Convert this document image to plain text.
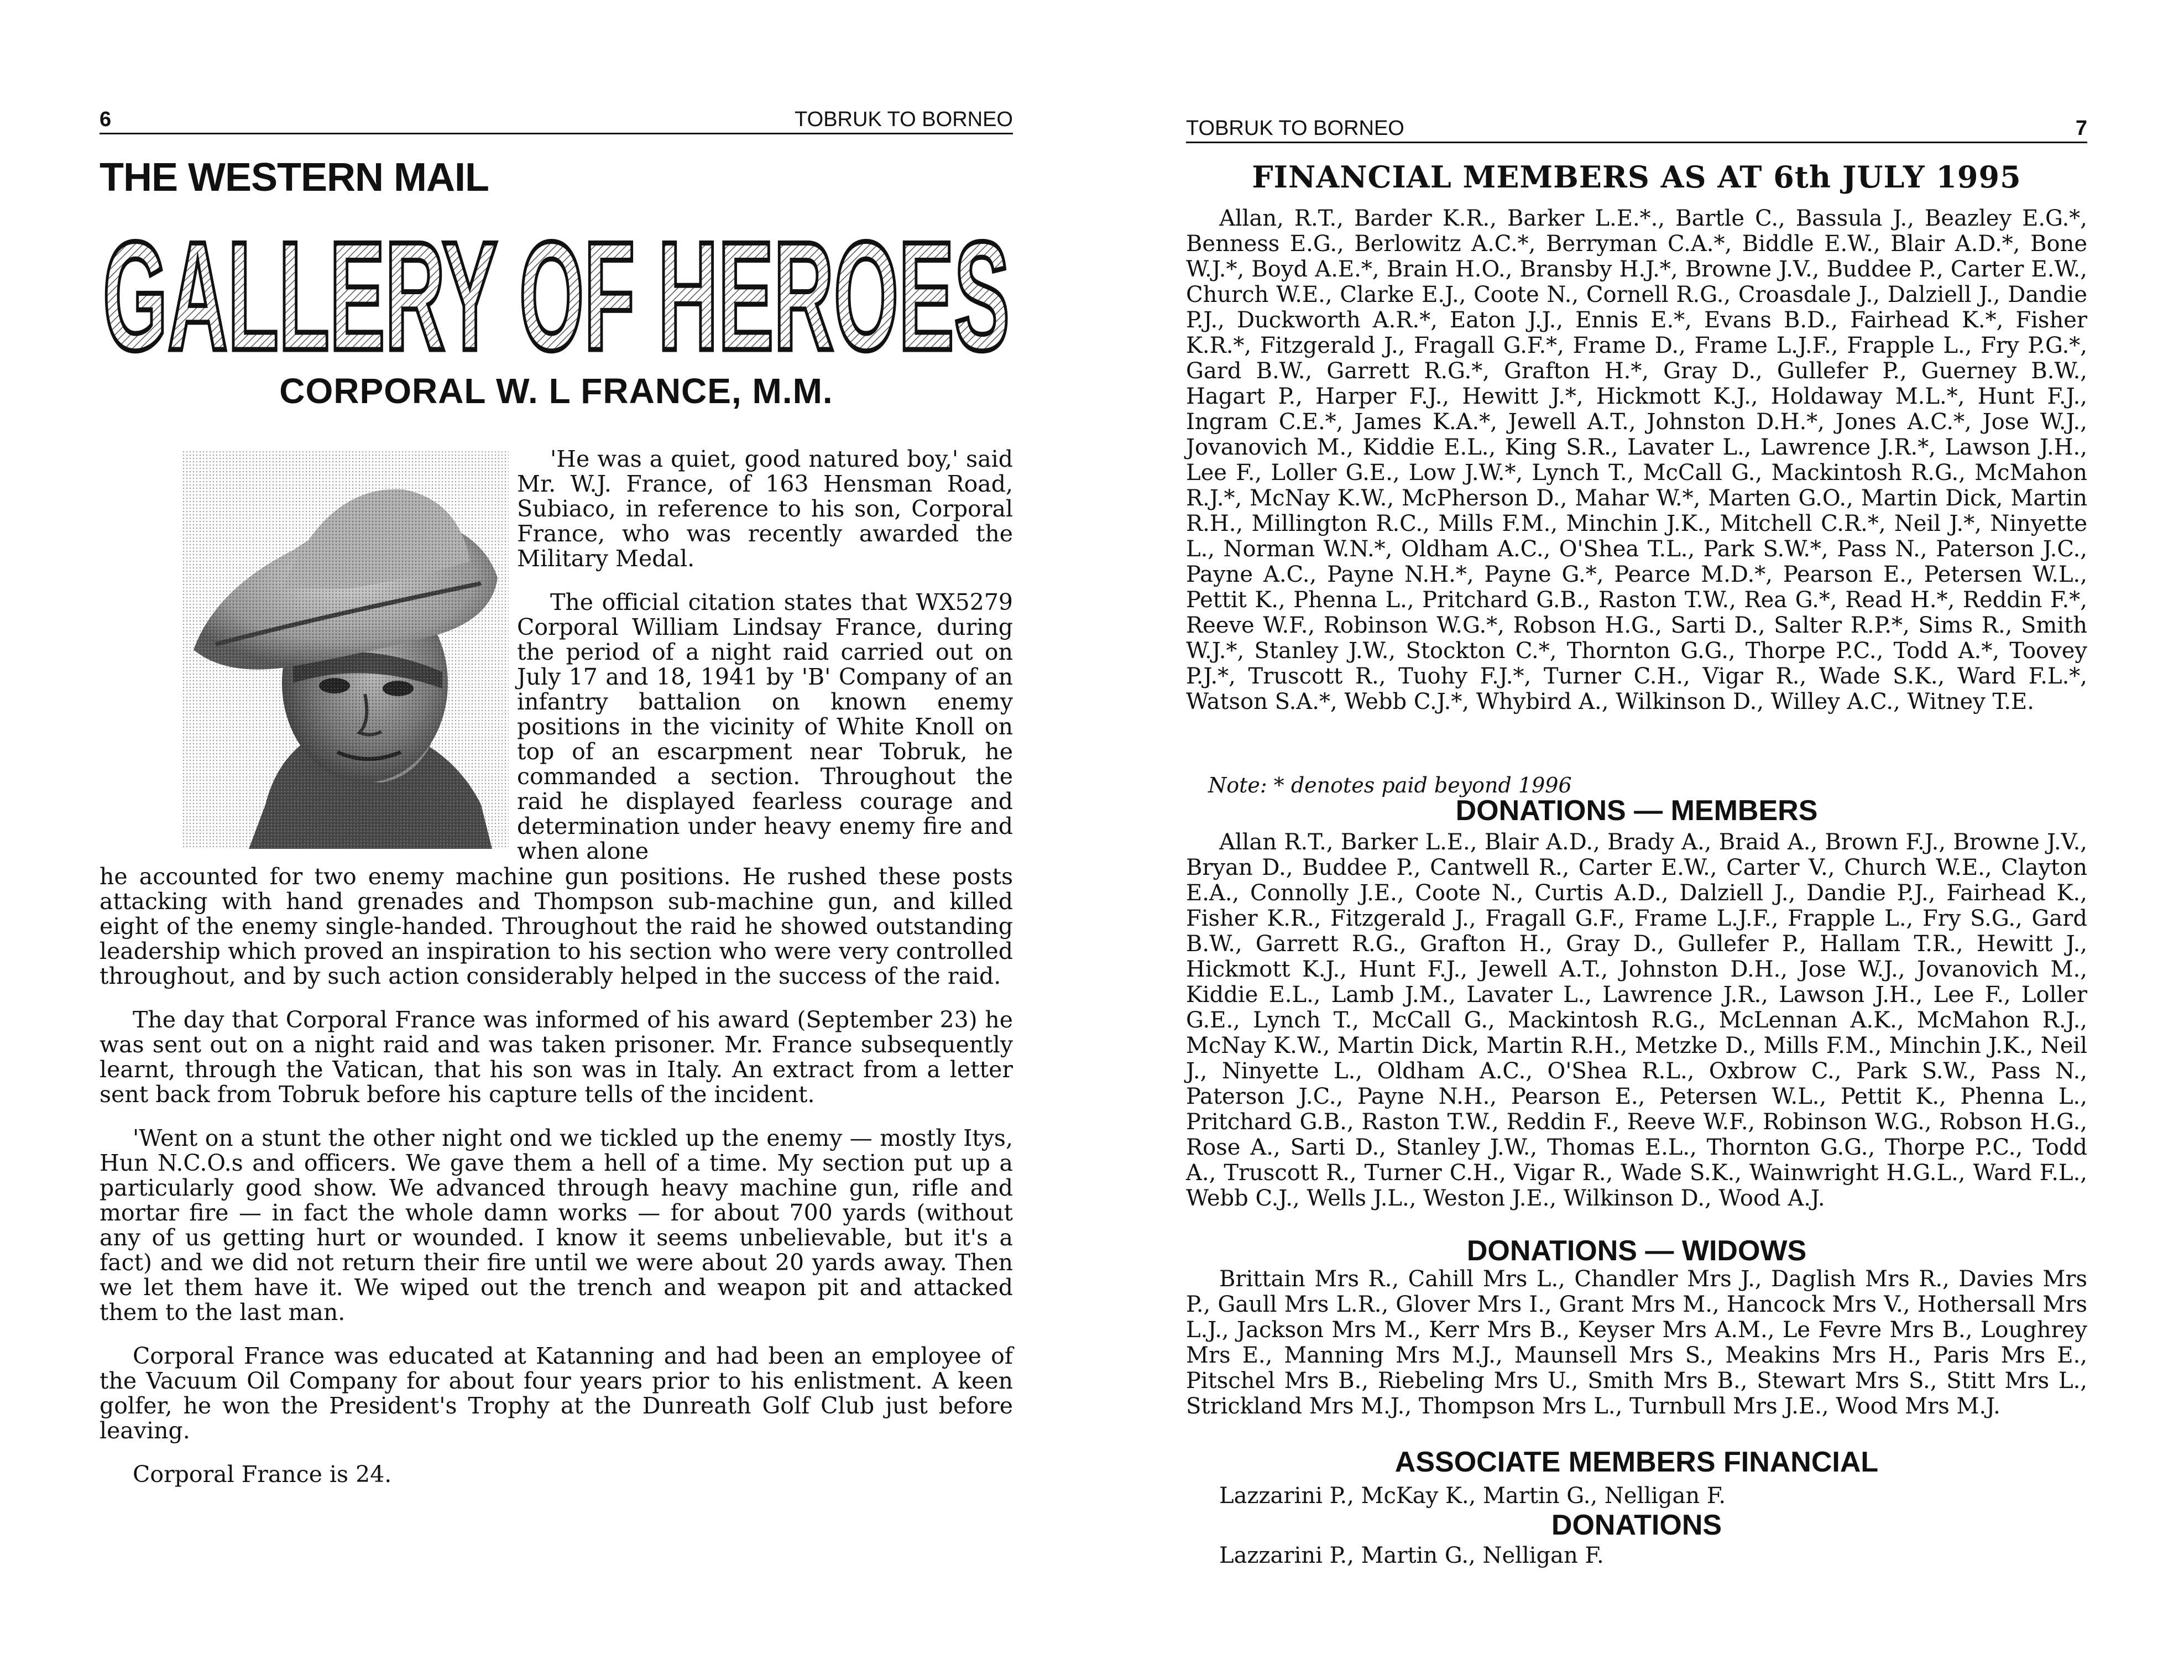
6	TOBRUK TO BORNEO
THE WESTERN MAIL
GALLERY OF HEROES
CORPORAL W. L FRANCE, M.M.

'He was a quiet, good natured boy,' said Mr. W.J. France, of 163 Hensman Road, Subiaco, in reference to his son, Corporal France, who was recently awarded the Military Medal.

The official citation states that WX5279 Corporal William Lindsay France, during the period of a night raid carried out on July 17 and 18, 1941 by 'B' Company of an infantry battalion on known enemy positions in the vicinity of White Knoll on top of an escarpment near Tobruk, he commanded a section. Throughout the raid he displayed fearless courage and determination under heavy enemy fire and when alone

he accounted for two enemy machine gun positions. He rushed these posts attacking with hand grenades and Thompson sub-machine gun, and killed eight of the enemy single-handed. Throughout the raid he showed outstanding leadership which proved an inspiration to his section who were very controlled throughout, and by such action considerably helped in the success of the raid.

The day that Corporal France was informed of his award (September 23) he was sent out on a night raid and was taken prisoner. Mr. France subsequently learnt, through the Vatican, that his son was in Italy. An extract from a letter sent back from Tobruk before his capture tells of the incident.

'Went on a stunt the other night ond we tickled up the enemy — mostly Itys, Hun N.C.O.s and officers. We gave them a hell of a time. My section put up a particularly good show. We advanced through heavy machine gun, rifle and mortar fire — in fact the whole damn works — for about 700 yards (without any of us getting hurt or wounded. I know it seems unbelievable, but it's a fact) and we did not return their fire until we were about 20 yards away. Then we let them have it. We wiped out the trench and weapon pit and attacked them to the last man.

Corporal France was educated at Katanning and had been an employee of the Vacuum Oil Company for about four years prior to his enlistment. A keen golfer, he won the President's Trophy at the Dunreath Golf Club just before leaving.

Corporal France is 24.

TOBRUK TO BORNEO	7
FINANCIAL MEMBERS AS AT 6th JULY 1995
Allan, R.T., Barder K.R., Barker L.E.*., Bartle C., Bassula J., Beazley E.G.*, Benness E.G., Berlowitz A.C.*, Berryman C.A.*, Biddle E.W., Blair A.D.*, Bone W.J.*, Boyd A.E.*, Brain H.O., Bransby H.J.*, Browne J.V., Buddee P., Carter E.W., Church W.E., Clarke E.J., Coote N., Cornell R.G., Croasdale J., Dalziell J., Dandie P.J., Duckworth A.R.*, Eaton J.J., Ennis E.*, Evans B.D., Fairhead K.*, Fisher K.R.*, Fitzgerald J., Fragall G.F.*, Frame D., Frame L.J.F., Frapple L., Fry P.G.*, Gard B.W., Garrett R.G.*, Grafton H.*, Gray D., Gullefer P., Guerney B.W., Hagart P., Harper F.J., Hewitt J.*, Hickmott K.J., Holdaway M.L.*, Hunt F.J., Ingram C.E.*, James K.A.*, Jewell A.T., Johnston D.H.*, Jones A.C.*, Jose W.J., Jovanovich M., Kiddie E.L., King S.R., Lavater L., Lawrence J.R.*, Lawson J.H., Lee F., Loller G.E., Low J.W.*, Lynch T., McCall G., Mackintosh R.G., McMahon R.J.*, McNay K.W., McPherson D., Mahar W.*, Marten G.O., Martin Dick, Martin R.H., Millington R.C., Mills F.M., Minchin J.K., Mitchell C.R.*, Neil J.*, Ninyette L., Norman W.N.*, Oldham A.C., O'Shea T.L., Park S.W.*, Pass N., Paterson J.C., Payne A.C., Payne N.H.*, Payne G.*, Pearce M.D.*, Pearson E., Petersen W.L., Pettit K., Phenna L., Pritchard G.B., Raston T.W., Rea G.*, Read H.*, Reddin F.*, Reeve W.F., Robinson W.G.*, Robson H.G., Sarti D., Salter R.P.*, Sims R., Smith W.J.*, Stanley J.W., Stockton C.*, Thornton G.G., Thorpe P.C., Todd A.*, Toovey P.J.*, Truscott R., Tuohy F.J.*, Turner C.H., Vigar R., Wade S.K., Ward F.L.*, Watson S.A.*, Webb C.J.*, Whybird A., Wilkinson D., Willey A.C., Witney T.E.
Note: * denotes paid beyond 1996
DONATIONS — MEMBERS
Allan R.T., Barker L.E., Blair A.D., Brady A., Braid A., Brown F.J., Browne J.V., Bryan D., Buddee P., Cantwell R., Carter E.W., Carter V., Church W.E., Clayton E.A., Connolly J.E., Coote N., Curtis A.D., Dalziell J., Dandie P.J., Fairhead K., Fisher K.R., Fitzgerald J., Fragall G.F., Frame L.J.F., Frapple L., Fry S.G., Gard B.W., Garrett R.G., Grafton H., Gray D., Gullefer P., Hallam T.R., Hewitt J., Hickmott K.J., Hunt F.J., Jewell A.T., Johnston D.H., Jose W.J., Jovanovich M., Kiddie E.L., Lamb J.M., Lavater L., Lawrence J.R., Lawson J.H., Lee F., Loller G.E., Lynch T., McCall G., Mackintosh R.G., McLennan A.K., McMahon R.J., McNay K.W., Martin Dick, Martin R.H., Metzke D., Mills F.M., Minchin J.K., Neil J., Ninyette L., Oldham A.C., O'Shea R.L., Oxbrow C., Park S.W., Pass N., Paterson J.C., Payne N.H., Pearson E., Petersen W.L., Pettit K., Phenna L., Pritchard G.B., Raston T.W., Reddin F., Reeve W.F., Robinson W.G., Robson H.G., Rose A., Sarti D., Stanley J.W., Thomas E.L., Thornton G.G., Thorpe P.C., Todd A., Truscott R., Turner C.H., Vigar R., Wade S.K., Wainwright H.G.L., Ward F.L., Webb C.J., Wells J.L., Weston J.E., Wilkinson D., Wood A.J.
DONATIONS — WIDOWS
Brittain Mrs R., Cahill Mrs L., Chandler Mrs J., Daglish Mrs R., Davies Mrs P., Gaull Mrs L.R., Glover Mrs I., Grant Mrs M., Hancock Mrs V., Hothersall Mrs L.J., Jackson Mrs M., Kerr Mrs B., Keyser Mrs A.M., Le Fevre Mrs B., Loughrey Mrs E., Manning Mrs M.J., Maunsell Mrs S., Meakins Mrs H., Paris Mrs E., Pitschel Mrs B., Riebeling Mrs U., Smith Mrs B., Stewart Mrs S., Stitt Mrs L., Strickland Mrs M.J., Thompson Mrs L., Turnbull Mrs J.E., Wood Mrs M.J.
ASSOCIATE MEMBERS FINANCIAL
Lazzarini P., McKay K., Martin G., Nelligan F.
DONATIONS
Lazzarini P., Martin G., Nelligan F.
